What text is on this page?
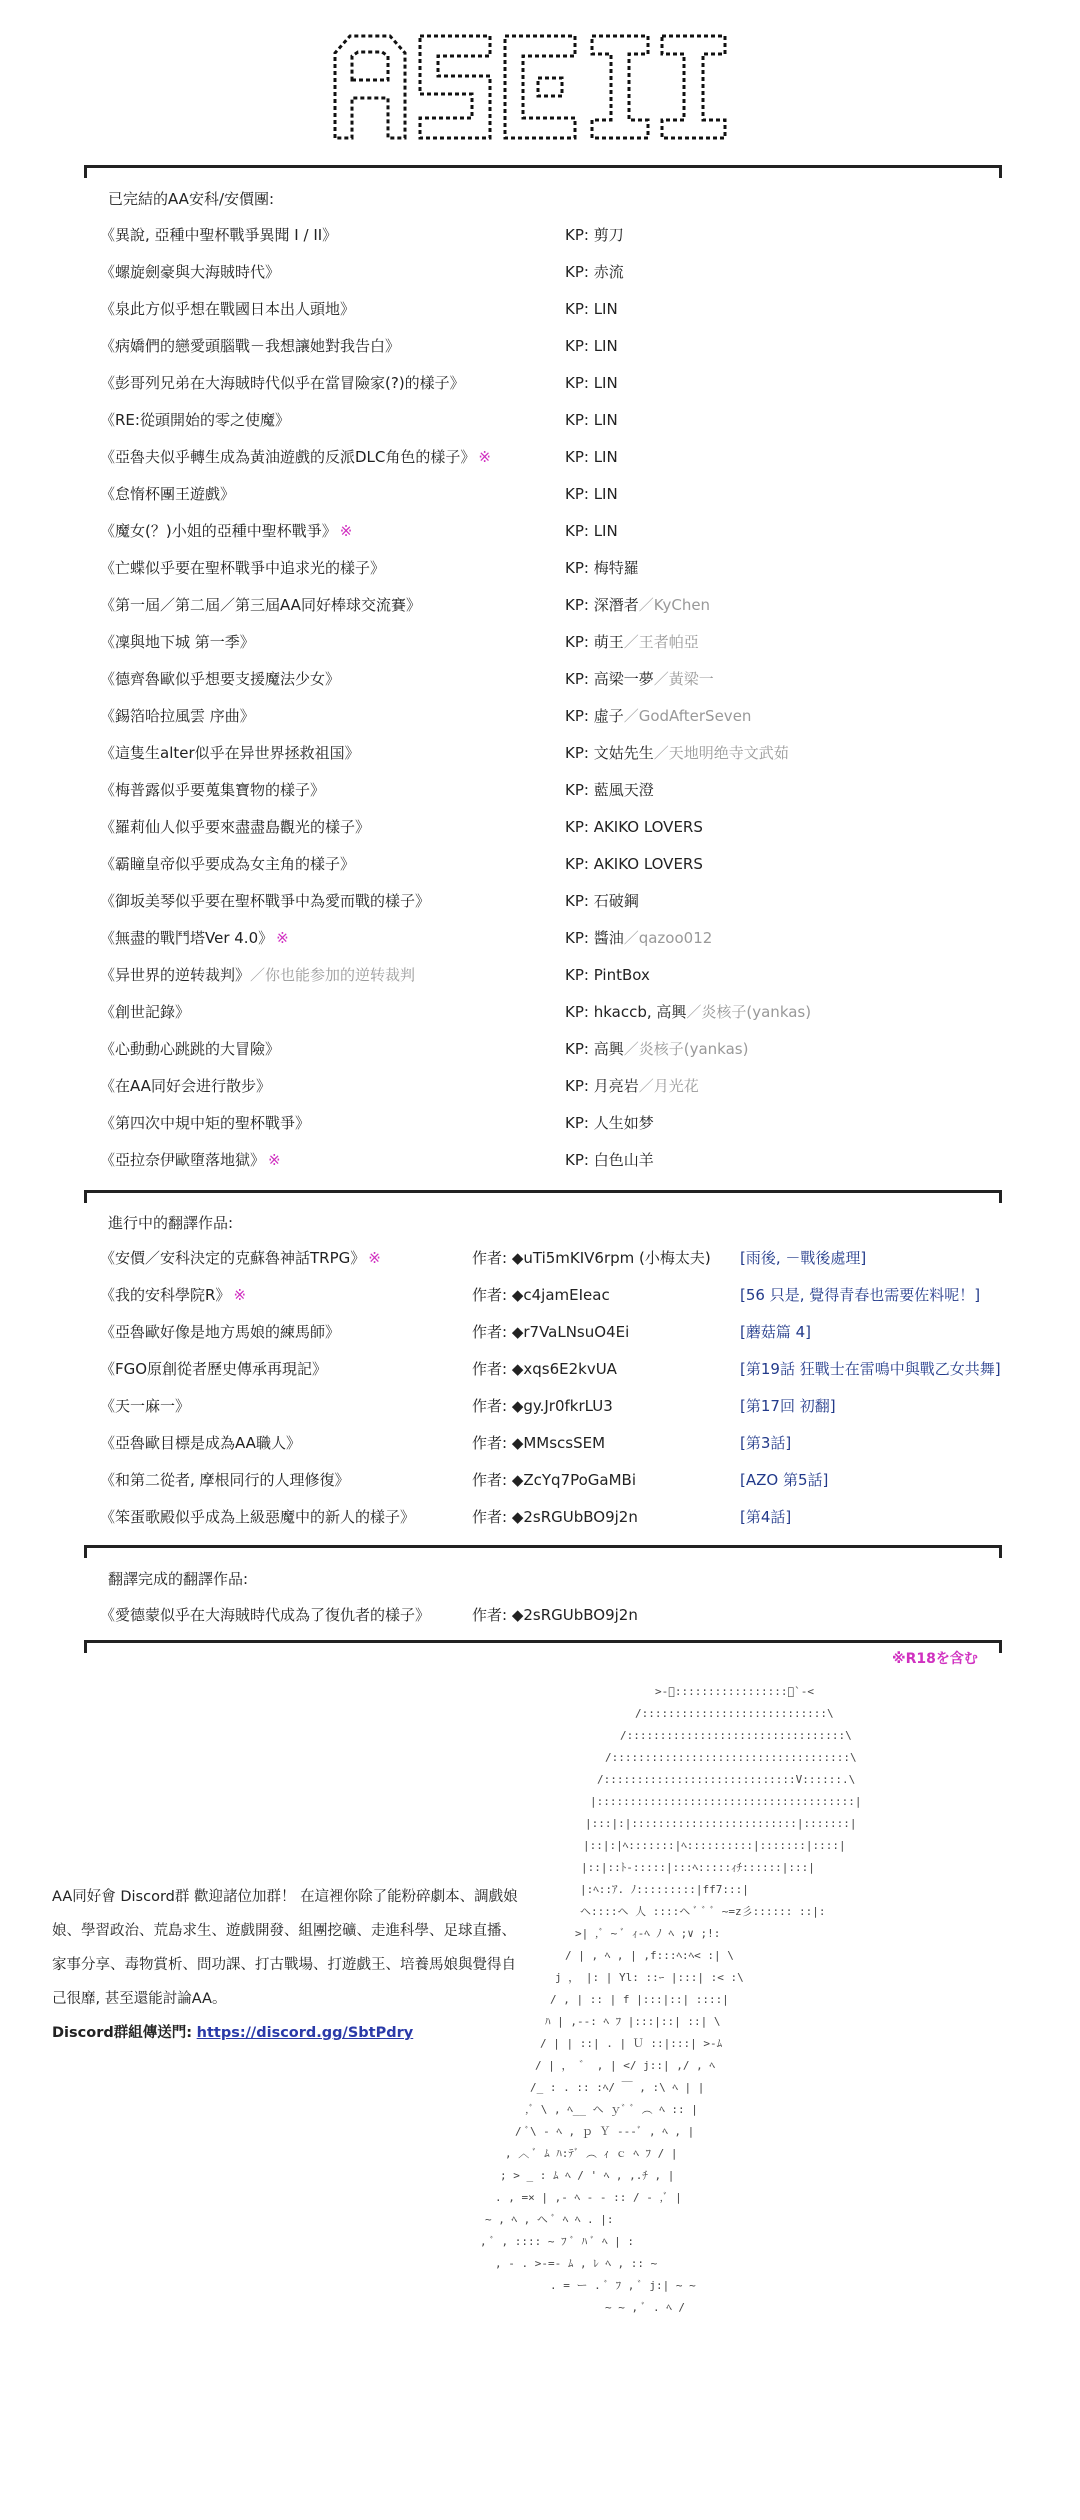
已完結的AA安科/安價團:
《異說, 亞種中聖杯戰爭異聞 I / II》	KP: 剪刀
《螺旋劍豪與大海賊時代》	KP: 赤流
《泉此方似乎想在戰國日本出人頭地》	KP: LIN
《病嬌們的戀愛頭腦戰－我想讓她對我告白》	KP: LIN
《彭哥列兄弟在大海賊時代似乎在當冒險家(?)的樣子》	KP: LIN
《RE:從頭開始的零之使魔》	KP: LIN
《亞魯夫似乎轉生成為黃油遊戲的反派DLC角色的樣子》 ※	KP: LIN
《怠惰杯團王遊戲》	KP: LIN
《魔女(？)小姐的亞種中聖杯戰爭》 ※	KP: LIN
《亡蝶似乎要在聖杯戰爭中追求光的樣子》	KP: 梅特羅
《第一屆／第二屆／第三屆AA同好棒球交流賽》	KP: 深潛者／KyChen
《凜與地下城 第一季》	KP: 萌王／王者帕亞
《德齊魯歐似乎想要支援魔法少女》	KP: 高梁一夢／黃梁一
《錫箔哈拉風雲 序曲》	KP: 虛子／GodAfterSeven
《這隻生alter似乎在异世界拯救祖国》	KP: 文姑先生／天地明绝寺文武茹
《梅普露似乎要蒐集寶物的樣子》	KP: 藍風天澄
《羅莉仙人似乎要來盡盡島觀光的樣子》	KP: AKIKO LOVERS
《霸瞳皇帝似乎要成為女主角的樣子》	KP: AKIKO LOVERS
《御坂美琴似乎要在聖杯戰爭中為愛而戰的樣子》	KP: 石破鋼
《無盡的戰鬥塔Ver 4.0》 ※	KP: 醬油／qazoo012
《异世界的逆转裁判》／你也能参加的逆转裁判	KP: PintBox
《創世記錄》	KP: hkaccb, 高興／炎核子(yankas)
《心動動心跳跳的大冒險》	KP: 高興／炎核子(yankas)
《在AA同好会进行散步》	KP: 月亮岩／月光花
《第四次中規中矩的聖杯戰爭》	KP: 人生如梦
《亞拉奈伊歐墮落地獄》 ※	KP: 白色山羊
進行中的翻譯作品:
《安價／安科決定的克蘇魯神話TRPG》 ※	作者: ◆uTi5mKIV6rpm (小梅太夫) [雨後, －戰後處理]
《我的安科學院R》 ※	作者: ◆c4jamEIeac	[56 只是, 覺得青春也需要佐料呢！]
《亞魯歐好像是地方馬娘的練馬師》	作者: ◆r7VaLNsuO4Ei	[蘑菇篇 4]
《FGO原創從者歷史傳承再現記》	作者: ◆xqs6E2kvUA	[第19話 狂戰士在雷鳴中與戰乙女共舞]
《天一麻一》	作者: ◆gy.Jr0fkrLU3	[第17回 初翻]
《亞魯歐目標是成為AA職人》	作者: ◆MMscsSEM	[第3話]
《和第二從者, 摩根同行的人理修復》	作者: ◆ZcYq7PoGaMBi	[AZO 第5話]
《笨蛋歌殿似乎成為上級惡魔中的新人的樣子》	作者: ◆2sRGUbBO9j2n	[第4話]
翻譯完成的翻譯作品:
《愛德蒙似乎在大海賊時代成為了復仇者的樣子》	作者: ◆2sRGUbBO9j2n
※R18を含む
AA同好會 Discord群 歡迎諸位加群！ 在這裡你除了能粉碎劇本、調戲娘娘、學習政治、荒島求生、遊戲開發、組團挖礦、走進科學、足球直播、家事分享、毒物賞析、問功課、打古戰場、打遊戲王、培養馬娘與覺得自己很靡, 甚至還能討論AA。
Discord群組傳送門: https://discord.gg/SbtPdry
>-ﾞ:::::::::::::::::ﾞ`-<
/::::::::::::::::::::::::::::\
/:::::::::::::::::::::::::::::::::\
/::::::::::::::::::::::::::::::::::::\
/:::::::::::::::::::::::::::::V::::::.\
|:::::::::::::::::::::::::::::::::::::::|
|:::|:|:::::::::::::::::::::::::|:::::::|
|::|:|ﾍ:::::::|ﾍ::::::::::|:::::::|::::|
|::|::ﾄ-:::::|:::ﾍ:::::ｨﾁ::::::|:::|
|:ﾍ::ｱ. ﾉ:::::::::|ff7:::|
ヘ::::ヘ 人 ::::ヘ ﾞ ﾞ ﾞ ~=z彡:::::: ::|:
>| ,ﾞ ~ ﾞ ｨ-ﾍ ﾉ ﾍ ;∨ ;!:
/ | , ﾍ , | ,f:::ﾍ:ﾍ< :| \
j ， |: | Yl: ::ｰ |:::| :< :\
/ , | :: | f |:::|::| ::::|
ﾊ | ,--: ﾍ ﾌ |:::|::| ::| \
/ | | ::| . | Ｕ ::|:::| >-ﾑ
/ | ， ゛ , | </ j::| ,/ , ﾍ
/_ : . :: :ﾍ/ ￣ , :\ ﾍ | |
,ﾞ \ , ﾍ__ ヘ ｙﾞ ﾞ ︵ ﾍ :: |
/ ﾞ\ - ﾍ , ｐ Ｙ ---ﾞ , ﾍ , |
, ︿ ﾞ ﾑ ﾊ:ﾃﾞ ︵ ｨ ｃ ﾍ ﾌ / |
; > _ : ﾑ ﾍ / ' ﾍ , ,.ﾁ , |
. , =× | ,- ﾍ - - :: / - ,ﾞ |
~ , ﾍ , ヘ ﾞ ﾍ ﾍ . |:
, ﾞ , :::: ~ ﾌ ﾞ ﾊ ﾞ ﾍ | :
, - . >-=- ﾑ , ﾚ ﾍ , :: ~
. = ー . ﾞ ﾌ , ﾞ j:| ~ ~
~ ~ , ﾞ . ﾍ /
